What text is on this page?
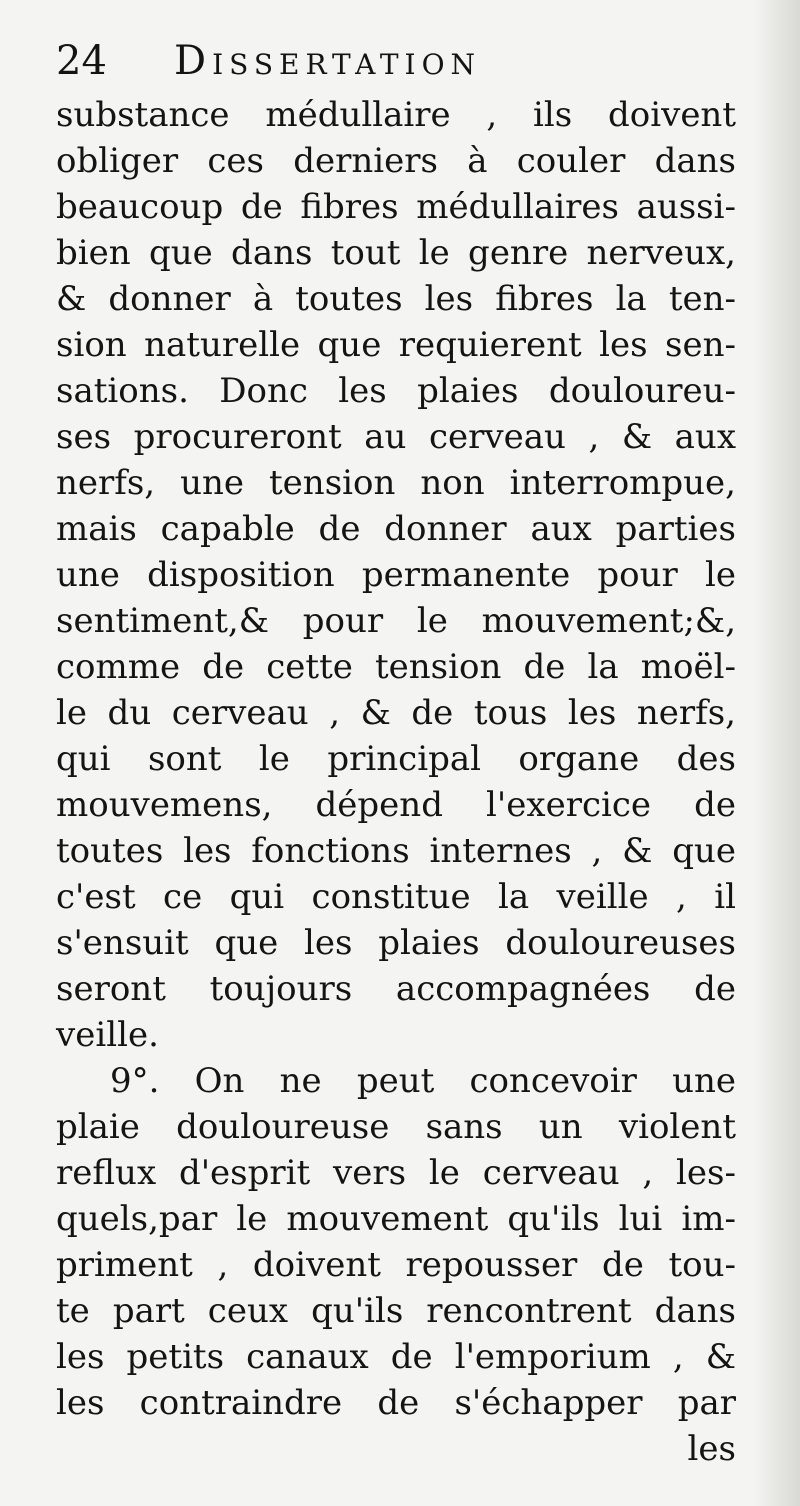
24	Dissertation
substance médullaire , ils doivent
obliger ces derniers à couler dans
beaucoup de fibres médullaires aussi-
bien que dans tout le genre nerveux,
& donner à toutes les fibres la ten-
sion naturelle que requierent les sen-
sations. Donc les plaies douloureu-
ses procureront au cerveau , & aux
nerfs, une tension non interrompue,
mais capable de donner aux parties
une disposition permanente pour le
sentiment,& pour le mouvement;&,
comme de cette tension de la moël-
le du cerveau , & de tous les nerfs,
qui sont le principal organe des
mouvemens, dépend l'exercice de
toutes les fonctions internes , & que
c'est ce qui constitue la veille , il
s'ensuit que les plaies douloureuses
seront toujours accompagnées de
veille.
9°. On ne peut concevoir une
plaie douloureuse sans un violent
reflux d'esprit vers le cerveau , les-
quels,par le mouvement qu'ils lui im-
priment , doivent repousser de tou-
te part ceux qu'ils rencontrent dans
les petits canaux de l'emporium , &
les contraindre de s'échapper par
les
